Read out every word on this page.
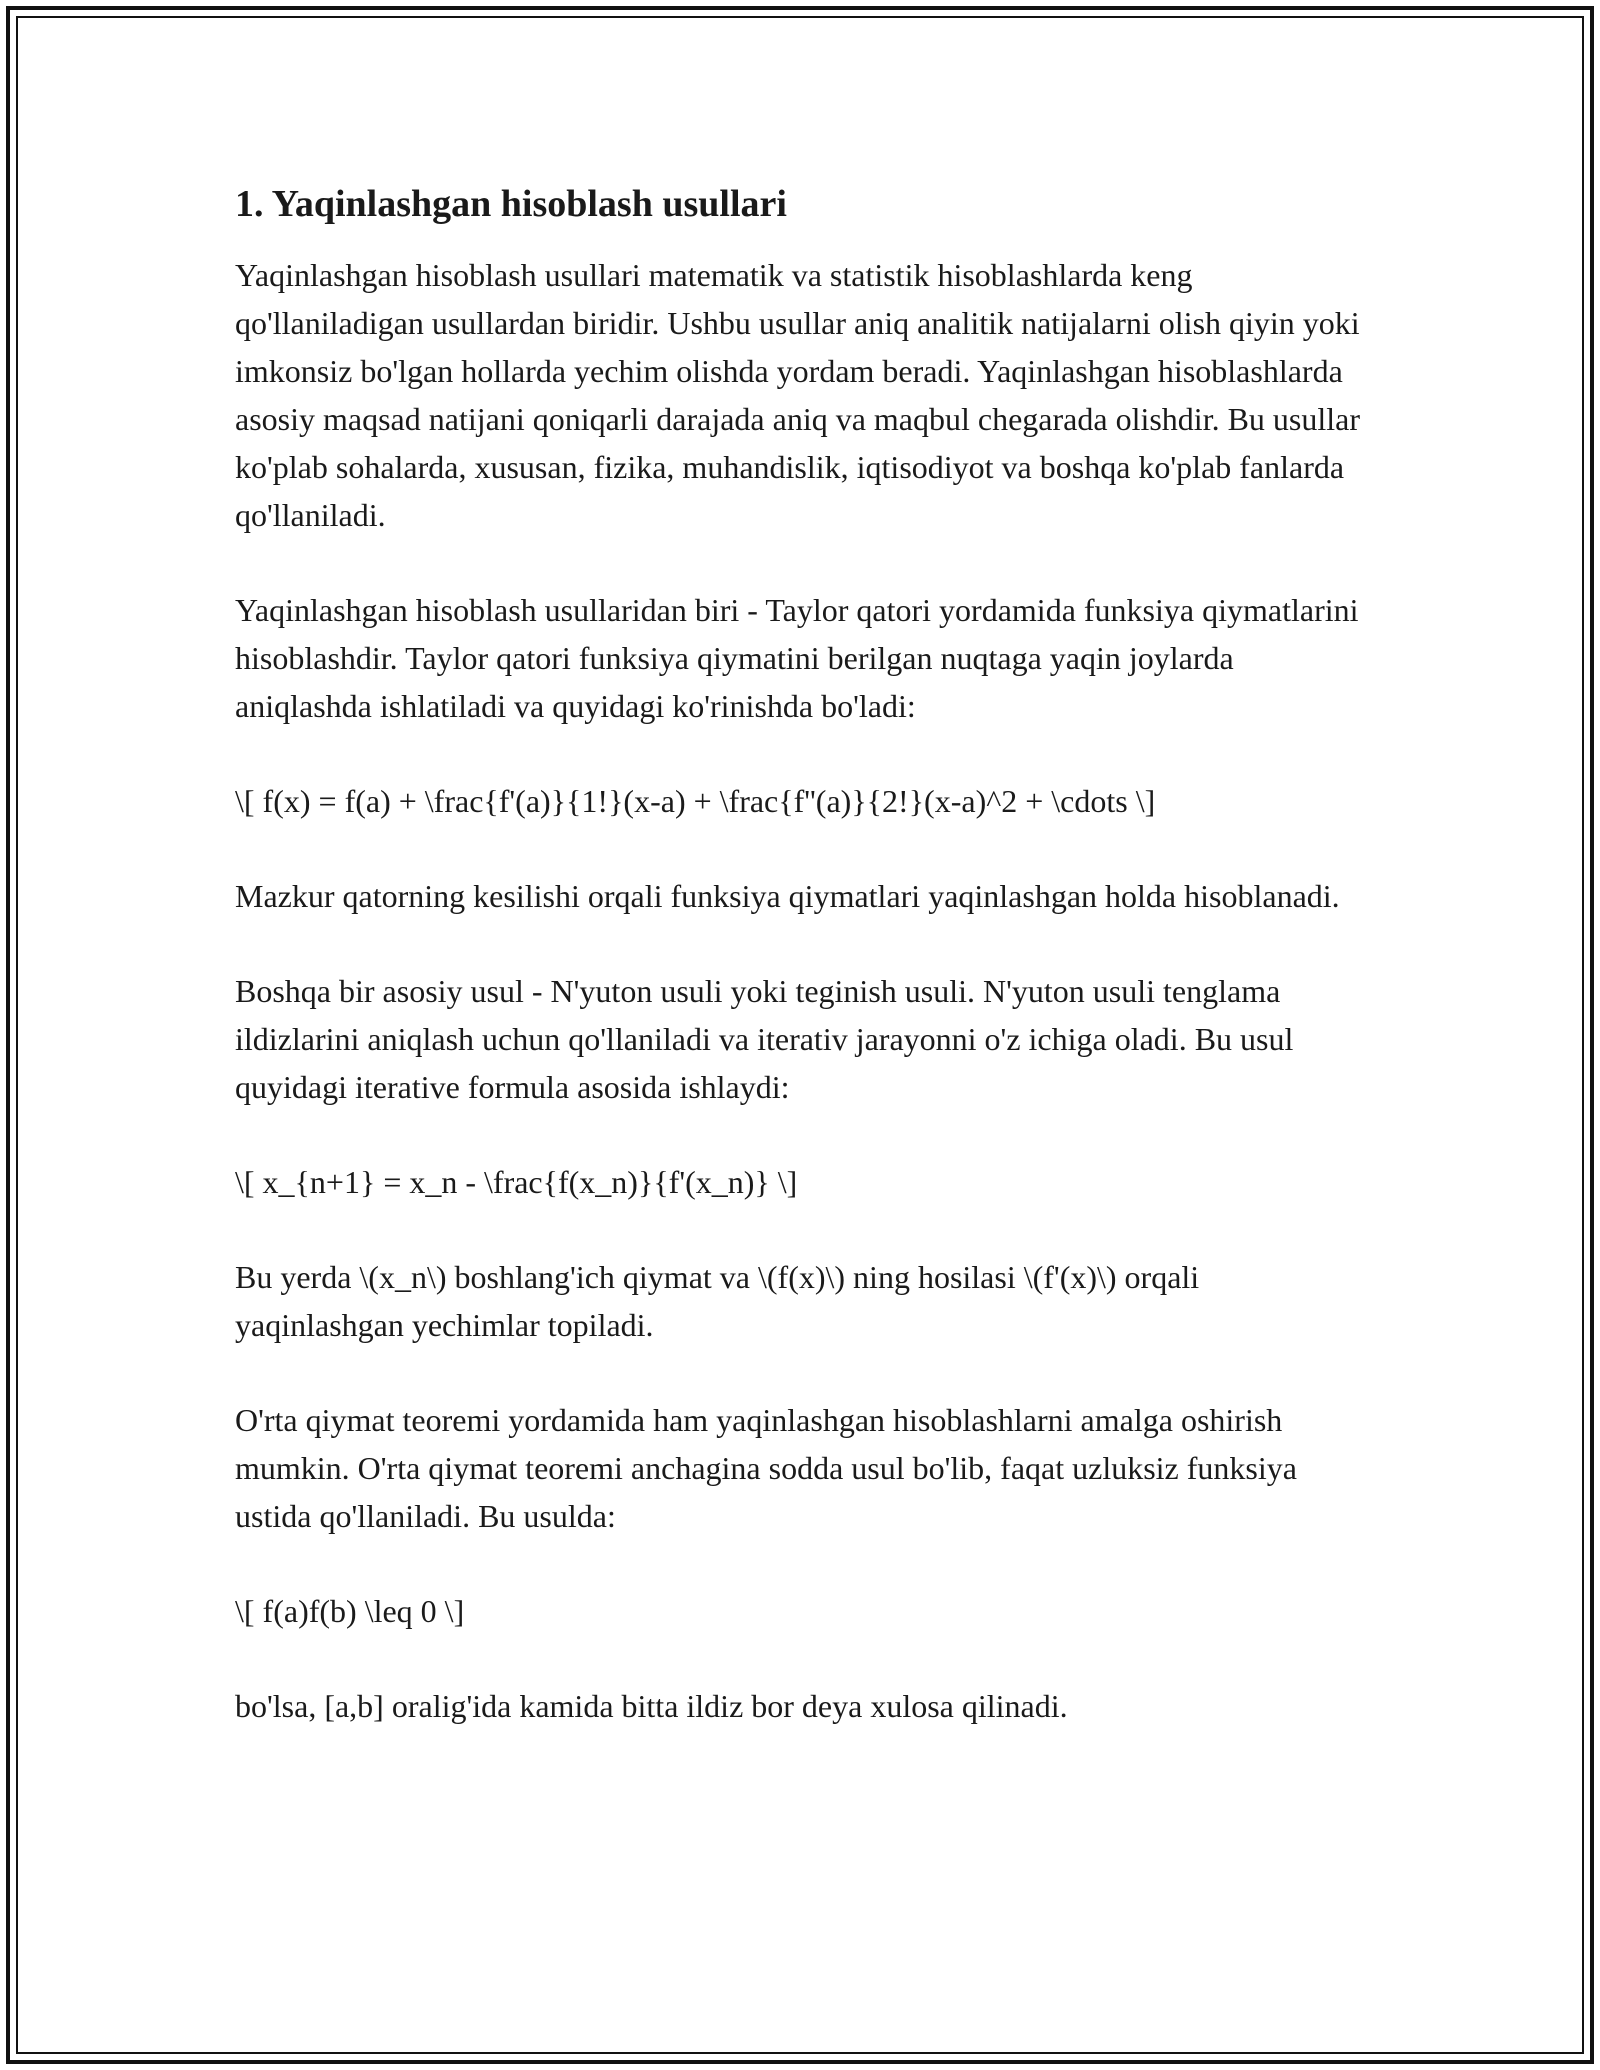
1. Yaqinlashgan hisoblash usullari

Yaqinlashgan hisoblash usullari matematik va statistik hisoblashlarda keng qo'llaniladigan usullardan biridir. Ushbu usullar aniq analitik natijalarni olish qiyin yoki imkonsiz bo'lgan hollarda yechim olishda yordam beradi. Yaqinlashgan hisoblashlarda asosiy maqsad natijani qoniqarli darajada aniq va maqbul chegarada olishdir. Bu usullar ko'plab sohalarda, xususan, fizika, muhandislik, iqtisodiyot va boshqa ko'plab fanlarda qo'llaniladi.

Yaqinlashgan hisoblash usullaridan biri - Taylor qatori yordamida funksiya qiymatlarini hisoblashdir. Taylor qatori funksiya qiymatini berilgan nuqtaga yaqin joylarda aniqlashda ishlatiladi va quyidagi ko'rinishda bo'ladi:

\[ f(x) = f(a) + \frac{f'(a)}{1!}(x-a) + \frac{f''(a)}{2!}(x-a)^2 + \cdots \]

Mazkur qatorning kesilishi orqali funksiya qiymatlari yaqinlashgan holda hisoblanadi.

Boshqa bir asosiy usul - N'yuton usuli yoki teginish usuli. N'yuton usuli tenglama ildizlarini aniqlash uchun qo'llaniladi va iterativ jarayonni o'z ichiga oladi. Bu usul quyidagi iterative formula asosida ishlaydi:

\[ x_{n+1} = x_n - \frac{f(x_n)}{f'(x_n)} \]

Bu yerda \(x_n\) boshlang'ich qiymat va \(f(x)\) ning hosilasi \(f'(x)\) orqali yaqinlashgan yechimlar topiladi.

O'rta qiymat teoremi yordamida ham yaqinlashgan hisoblashlarni amalga oshirish mumkin. O'rta qiymat teoremi anchagina sodda usul bo'lib, faqat uzluksiz funksiya ustida qo'llaniladi. Bu usulda:

\[ f(a)f(b) \leq 0 \]

bo'lsa, [a,b] oralig'ida kamida bitta ildiz bor deya xulosa qilinadi.
